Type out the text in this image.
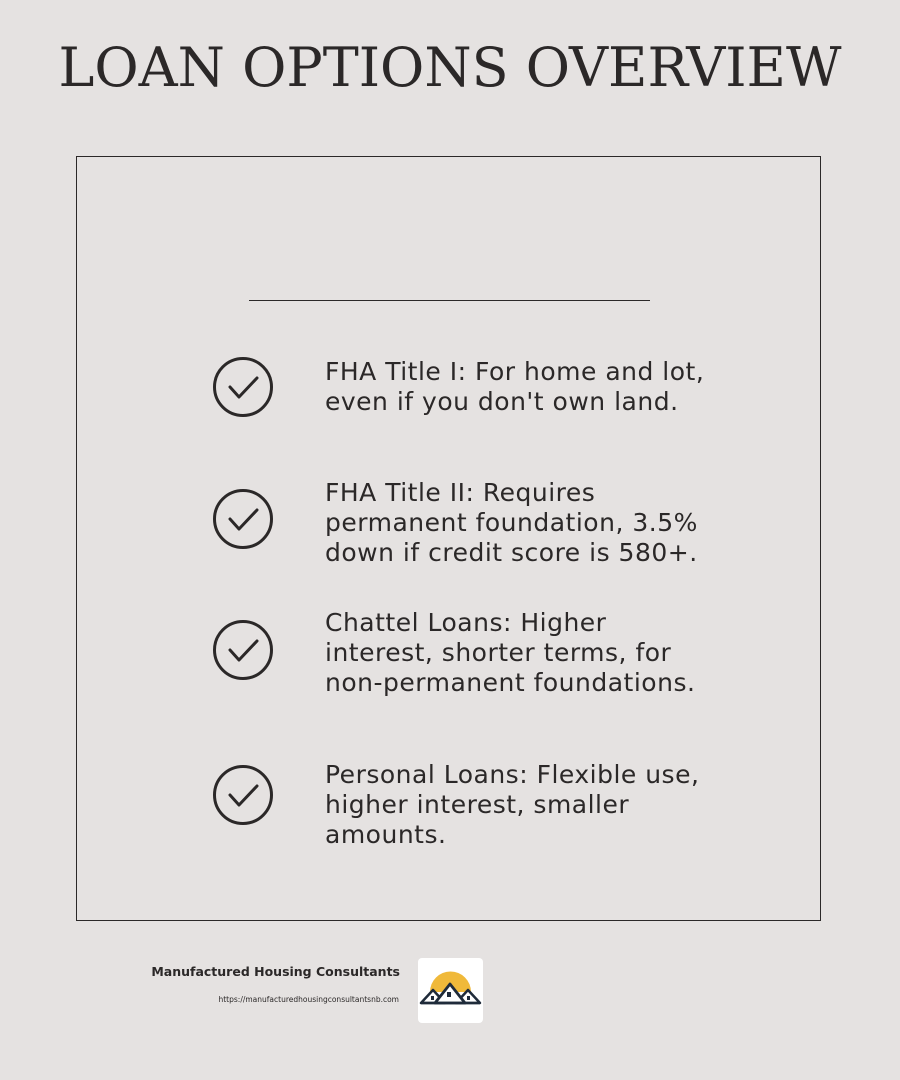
LOAN OPTIONS OVERVIEW
FHA Title I: For home and lot,
even if you don't own land.
FHA Title II: Requires
permanent foundation, 3.5%
down if credit score is 580+.
Chattel Loans: Higher
interest, shorter terms, for
non-permanent foundations.
Personal Loans: Flexible use,
higher interest, smaller
amounts.
Manufactured Housing Consultants
https://manufacturedhousingconsultantsnb.com
